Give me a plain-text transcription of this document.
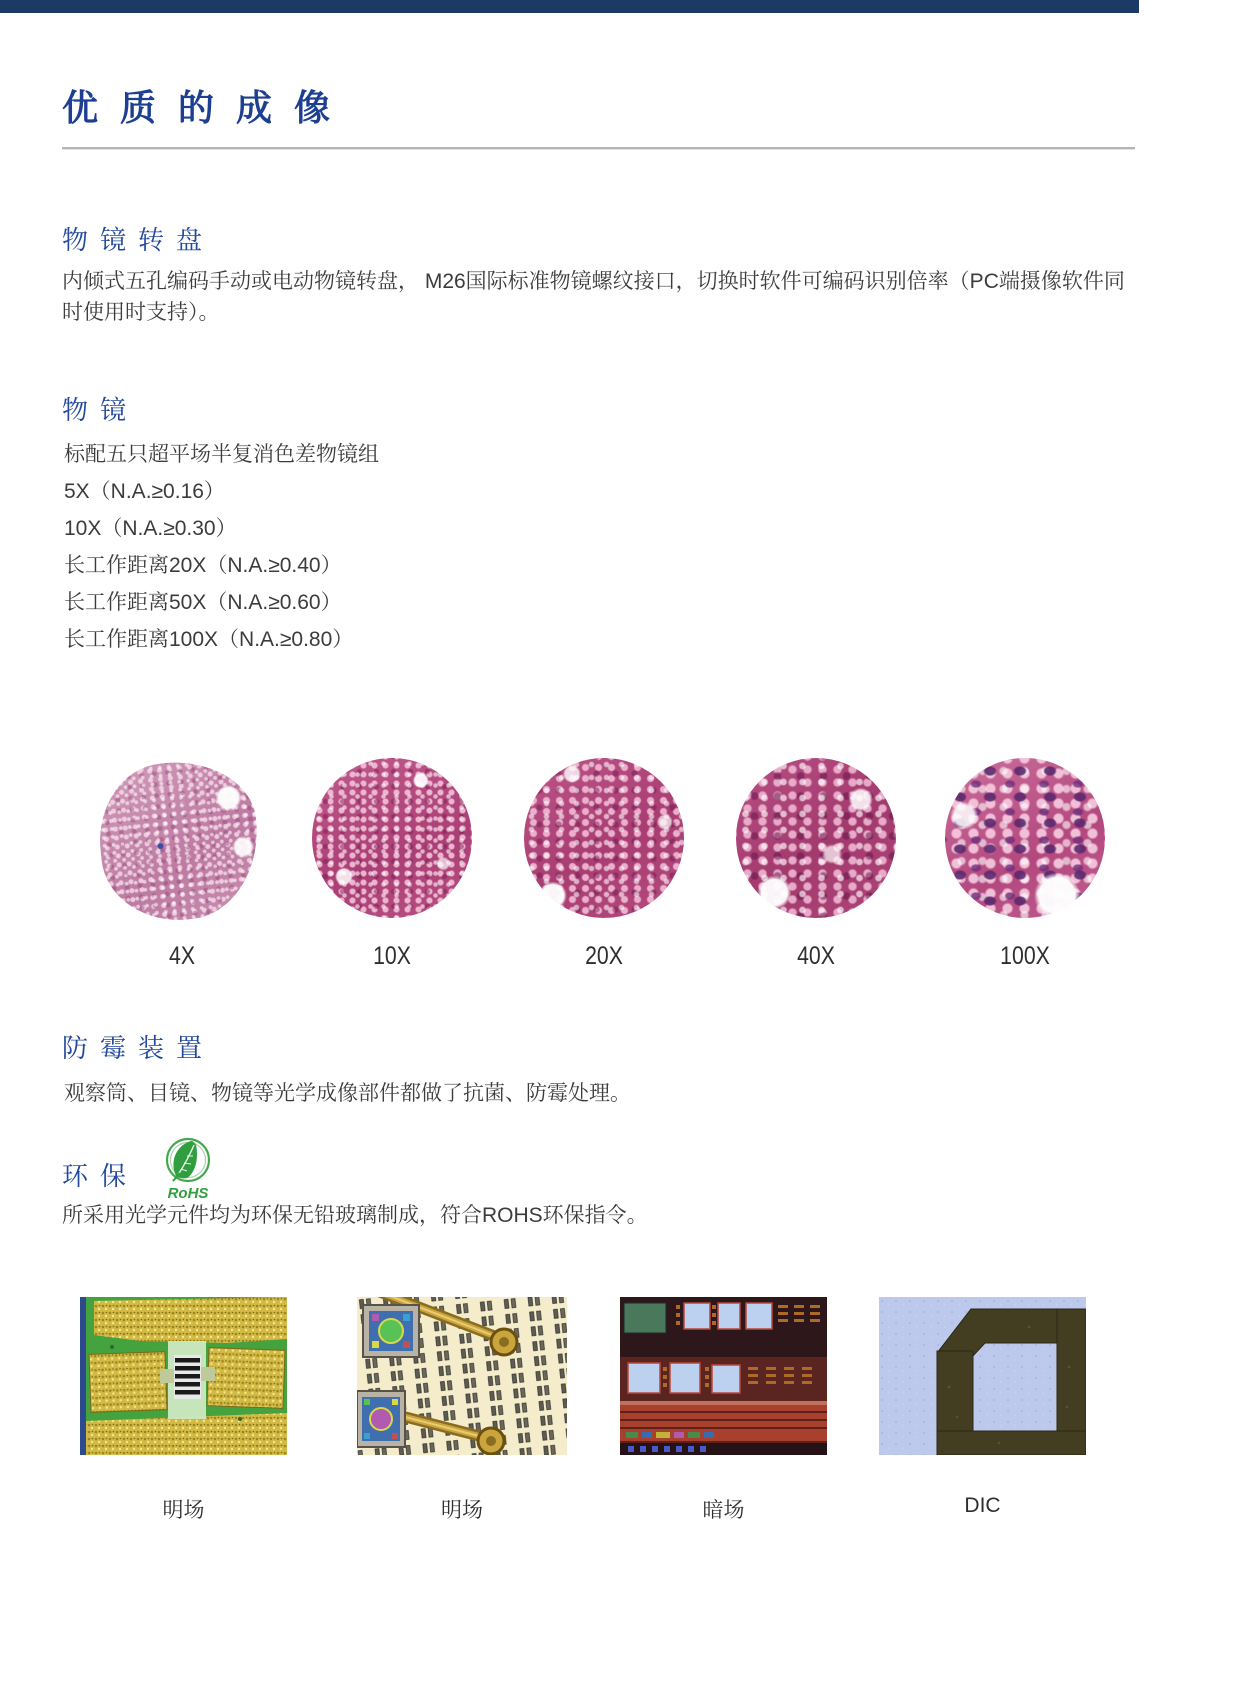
优质的成像
物镜转盘
内倾式五孔编码手动或电动物镜转盘， M26国际标准物镜螺纹接口，切换时软件可编码识别倍率（PC端摄像软件同时使用时支持）。
物镜
标配五只超平场半复消色差物镜组
5X（N.A.≥0.16）
10X（N.A.≥0.30）
长工作距离20X（N.A.≥0.40）
长工作距离50X（N.A.≥0.60）
长工作距离100X（N.A.≥0.80）
4X	10X	20X	40X	100X
防霉装置
观察筒、目镜、物镜等光学成像部件都做了抗菌、防霉处理。
环保
RoHS
所采用光学元件均为环保无铅玻璃制成，符合ROHS环保指令。
明场	明场	暗场	DIC
